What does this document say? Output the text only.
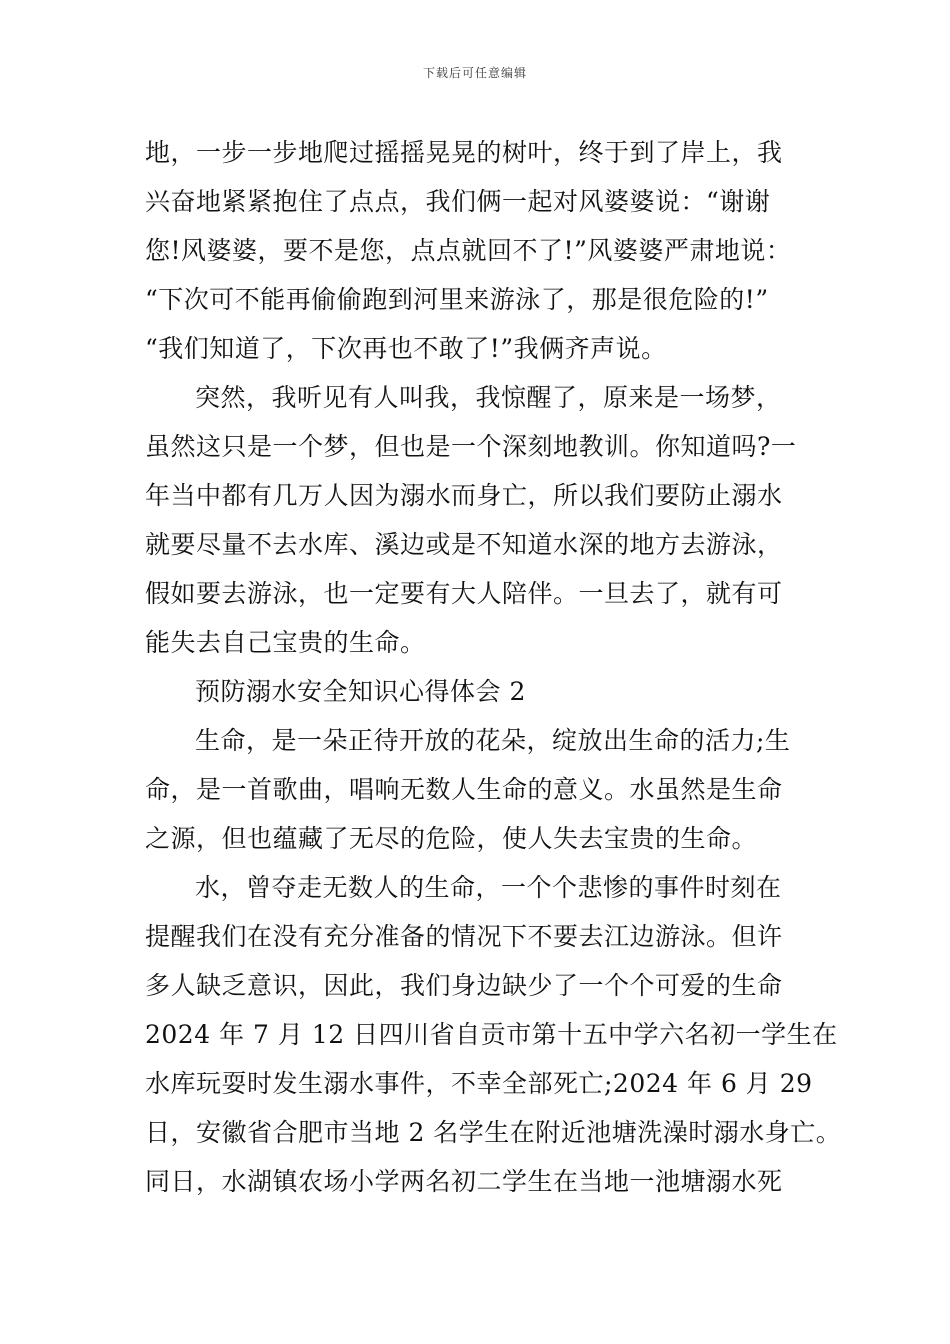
下载后可任意编辑
地，一步一步地爬过摇摇晃晃的树叶，终于到了岸上，我
兴奋地紧紧抱住了点点，我们俩一起对风婆婆说：“谢谢
您!风婆婆，要不是您，点点就回不了!”风婆婆严肃地说：
“下次可不能再偷偷跑到河里来游泳了，那是很危险的!”
“我们知道了，下次再也不敢了!”我俩齐声说。
突然，我听见有人叫我，我惊醒了，原来是一场梦，
虽然这只是一个梦，但也是一个深刻地教训。你知道吗?一
年当中都有几万人因为溺水而身亡，所以我们要防止溺水
就要尽量不去水库、溪边或是不知道水深的地方去游泳，
假如要去游泳，也一定要有大人陪伴。一旦去了，就有可
能失去自己宝贵的生命。
预防溺水安全知识心得体会 2
生命，是一朵正待开放的花朵，绽放出生命的活力;生
命，是一首歌曲，唱响无数人生命的意义。水虽然是生命
之源，但也蕴藏了无尽的危险，使人失去宝贵的生命。
水，曾夺走无数人的生命，一个个悲惨的事件时刻在
提醒我们在没有充分准备的情况下不要去江边游泳。但许
多人缺乏意识，因此，我们身边缺少了一个个可爱的生命
2024 年 7 月 12 日四川省自贡市第十五中学六名初一学生在
水库玩耍时发生溺水事件，不幸全部死亡;2024 年 6 月 29
日，安徽省合肥市当地 2 名学生在附近池塘洗澡时溺水身亡。
同日，水湖镇农场小学两名初二学生在当地一池塘溺水死
